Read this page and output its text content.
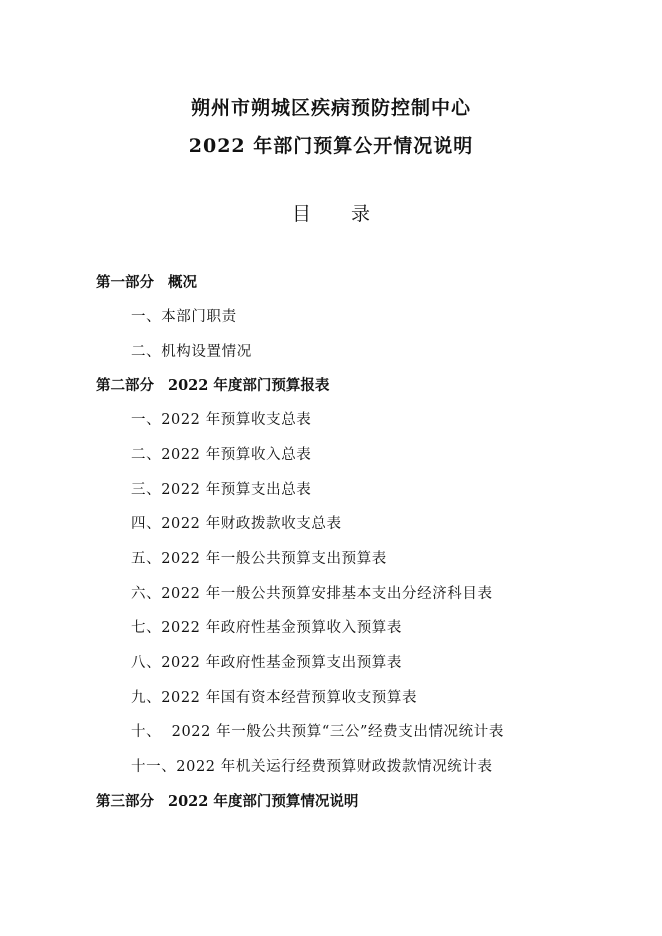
朔州市朔城区疾病预防控制中心
2022 年部门预算公开情况说明
目 录
第一部分 概况
一、本部门职责
二、机构设置情况
第二部分 2022 年度部门预算报表
一、2022 年预算收支总表
二、2022 年预算收入总表
三、2022 年预算支出总表
四、2022 年财政拨款收支总表
五、2022 年一般公共预算支出预算表
六、2022 年一般公共预算安排基本支出分经济科目表
七、2022 年政府性基金预算收入预算表
八、2022 年政府性基金预算支出预算表
九、2022 年国有资本经营预算收支预算表
十、  2022 年一般公共预算“三公”经费支出情况统计表
十一、2022 年机关运行经费预算财政拨款情况统计表
第三部分 2022 年度部门预算情况说明
